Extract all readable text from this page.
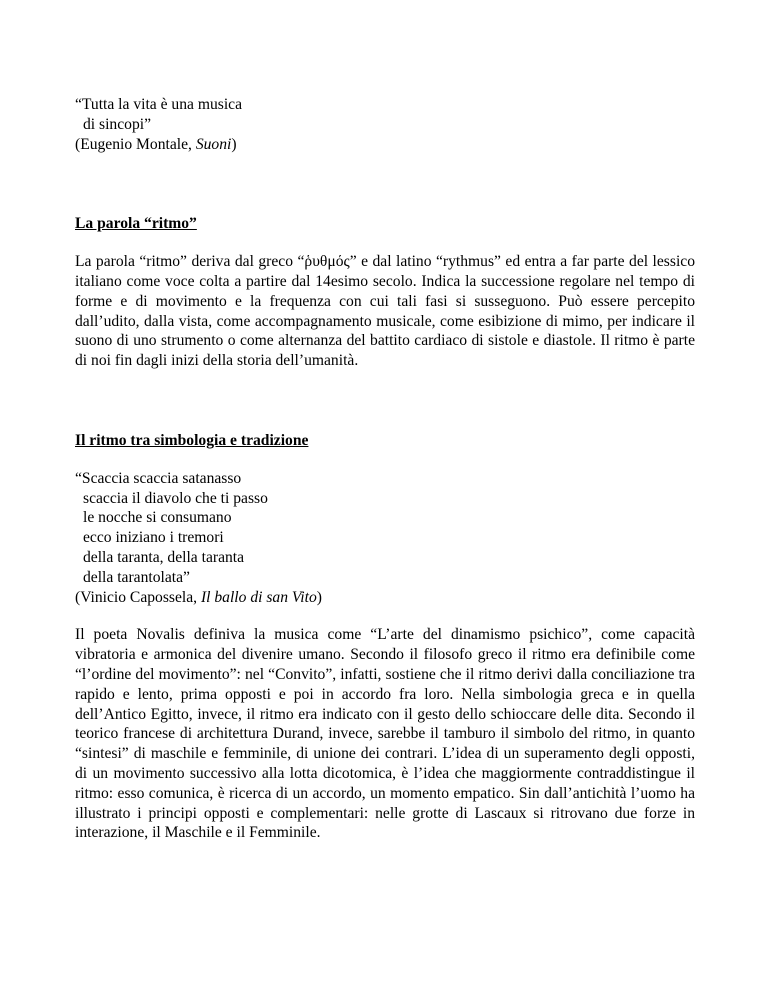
“Tutta la vita è una musica
di sincopi”
(Eugenio Montale, Suoni)
La parola “ritmo”

La parola “ritmo” deriva dal greco “ῥυθμός” e dal latino “rythmus” ed entra a far parte del lessico italiano come voce colta a partire dal 14esimo secolo. Indica la successione regolare nel tempo di forme e di movimento e la frequenza con cui tali fasi si susseguono. Può essere percepito dall’udito, dalla vista, come accompagnamento musicale, come esibizione di mimo, per indicare il suono di uno strumento o come alternanza del battito cardiaco di sistole e diastole. Il ritmo è parte di noi fin dagli inizi della storia dell’umanità.

Il ritmo tra simbologia e tradizione
“Scaccia scaccia satanasso
scaccia il diavolo che ti passo
le nocche si consumano
ecco iniziano i tremori
della taranta, della taranta
della tarantolata”
(Vinicio Capossela, Il ballo di san Vito)

Il poeta Novalis definiva la musica come “L’arte del dinamismo psichico”, come capacità vibratoria e armonica del divenire umano. Secondo il filosofo greco il ritmo era definibile come “l’ordine del movimento”: nel “Convito”, infatti, sostiene che il ritmo derivi dalla conciliazione tra rapido e lento, prima opposti e poi in accordo fra loro. Nella simbologia greca e in quella dell’Antico Egitto, invece, il ritmo era indicato con il gesto dello schioccare delle dita. Secondo il teorico francese di architettura Durand, invece, sarebbe il tamburo il simbolo del ritmo, in quanto “sintesi” di maschile e femminile, di unione dei contrari. L’idea di un superamento degli opposti, di un movimento successivo alla lotta dicotomica, è l’idea che maggiormente contraddistingue il ritmo: esso comunica, è ricerca di un accordo, un momento empatico. Sin dall’antichità l’uomo ha illustrato i principi opposti e complementari: nelle grotte di Lascaux si ritrovano due forze in interazione, il Maschile e il Femminile.
